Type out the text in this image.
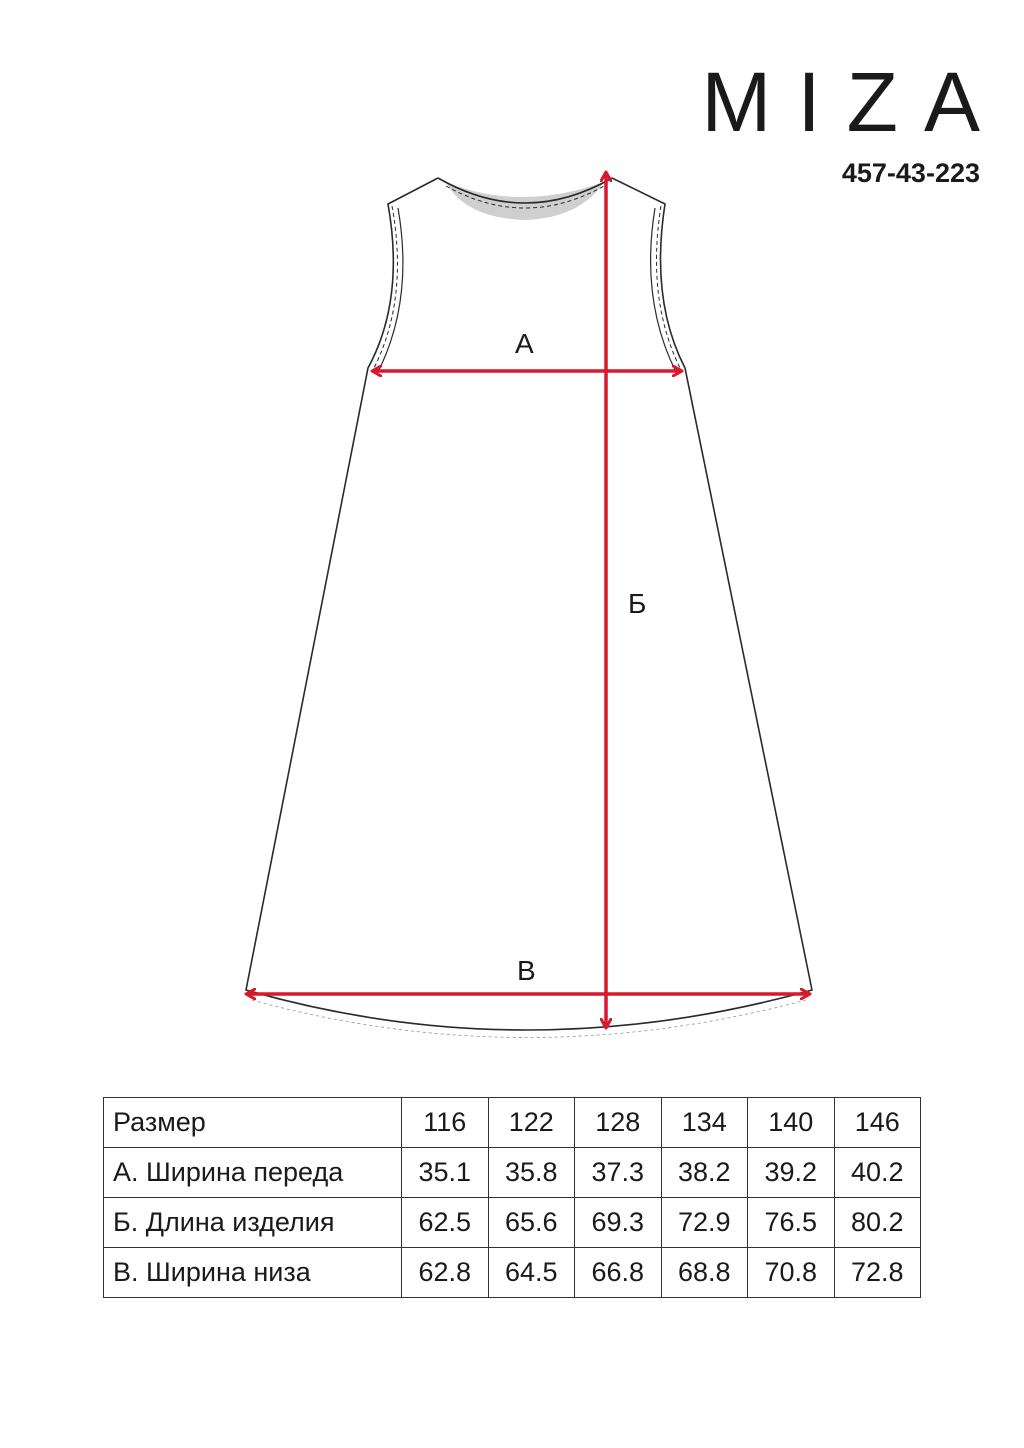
MIZA
457-43-223
А
Б
В
Размер	116	122	128	134	140	146
А. Ширина переда	35.1	35.8	37.3	38.2	39.2	40.2
Б. Длина изделия	62.5	65.6	69.3	72.9	76.5	80.2
В. Ширина низа	62.8	64.5	66.8	68.8	70.8	72.8
